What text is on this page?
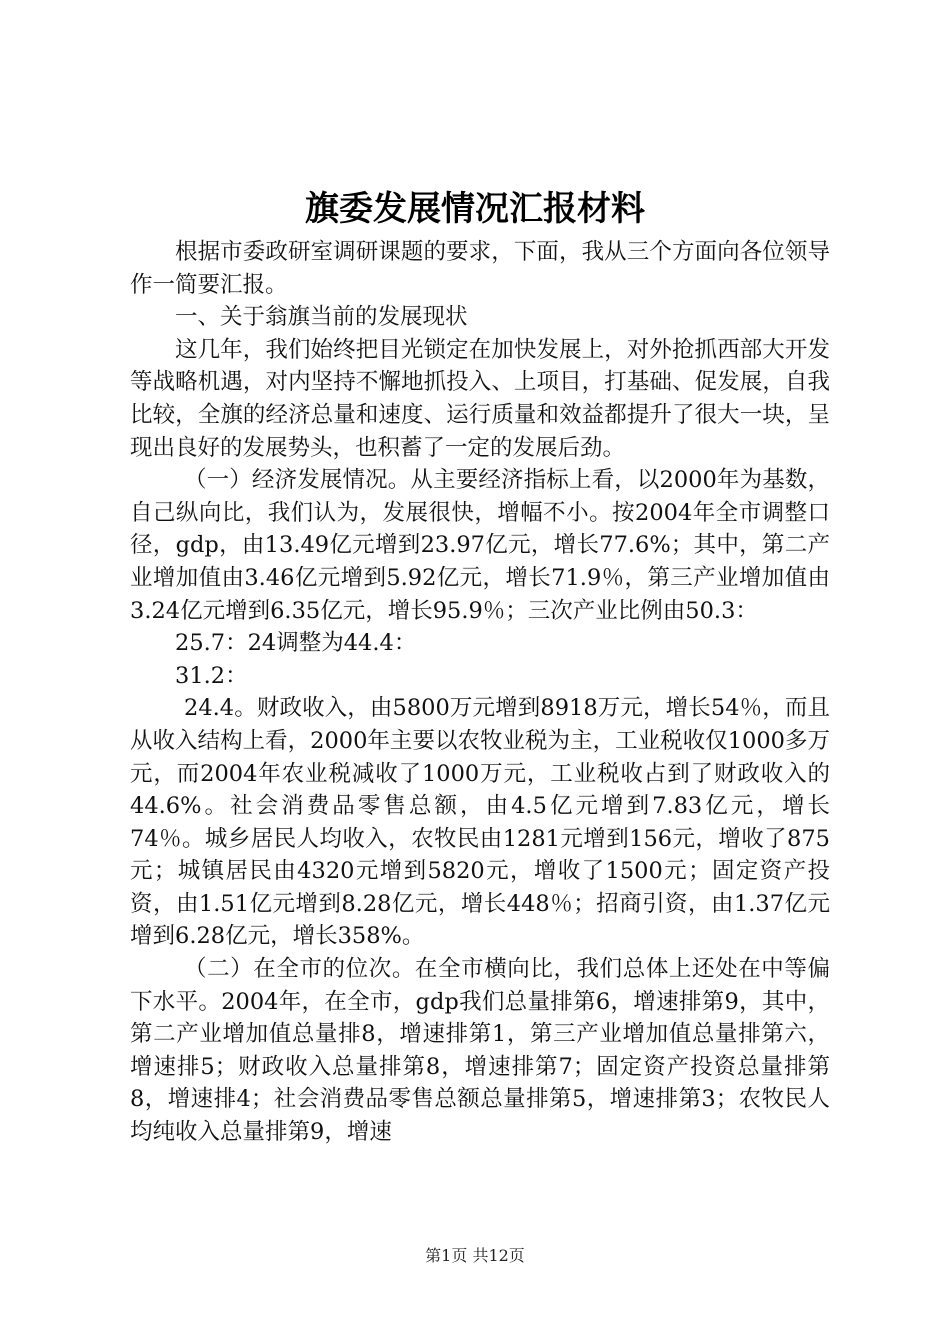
旗委发展情况汇报材料

根据市委政研室调研课题的要求，下面，我从三个方面向各位领导作一简要汇报。

一、关于翁旗当前的发展现状

这几年，我们始终把目光锁定在加快发展上，对外抢抓西部大开发等战略机遇，对内坚持不懈地抓投入、上项目，打基础、促发展，自我比较，全旗的经济总量和速度、运行质量和效益都提升了很大一块，呈现出良好的发展势头，也积蓄了一定的发展后劲。

（一）经济发展情况。从主要经济指标上看，以2000年为基数，自己纵向比，我们认为，发展很快，增幅不小。按2004年全市调整口径，gdp，由13.49亿元增到23.97亿元，增长77.6%；其中，第二产业增加值由3.46亿元增到5.92亿元，增长71.9％，第三产业增加值由3.24亿元增到6.35亿元，增长95.9％；三次产业比例由50.3：

25.7：24调整为44.4：

31.2：

24.4。财政收入，由5800万元增到8918万元，增长54％，而且从收入结构上看，2000年主要以农牧业税为主，工业税收仅1000多万元，而2004年农业税减收了1000万元，工业税收占到了财政收入的44.6%。社会消费品零售总额，由4.5亿元增到7.83亿元，增长74％。城乡居民人均收入，农牧民由1281元增到156元，增收了875元；城镇居民由4320元增到5820元，增收了1500元；固定资产投资，由1.51亿元增到8.28亿元，增长448％；招商引资，由1.37亿元增到6.28亿元，增长358%。

（二）在全市的位次。在全市横向比，我们总体上还处在中等偏下水平。2004年，在全市，gdp我们总量排第6，增速排第9，其中，第二产业增加值总量排8，增速排第1，第三产业增加值总量排第六，增速排5；财政收入总量排第8，增速排第7；固定资产投资总量排第8，增速排4；社会消费品零售总额总量排第5，增速排第3；农牧民人均纯收入总量排第9，增速

第1页 共12页
